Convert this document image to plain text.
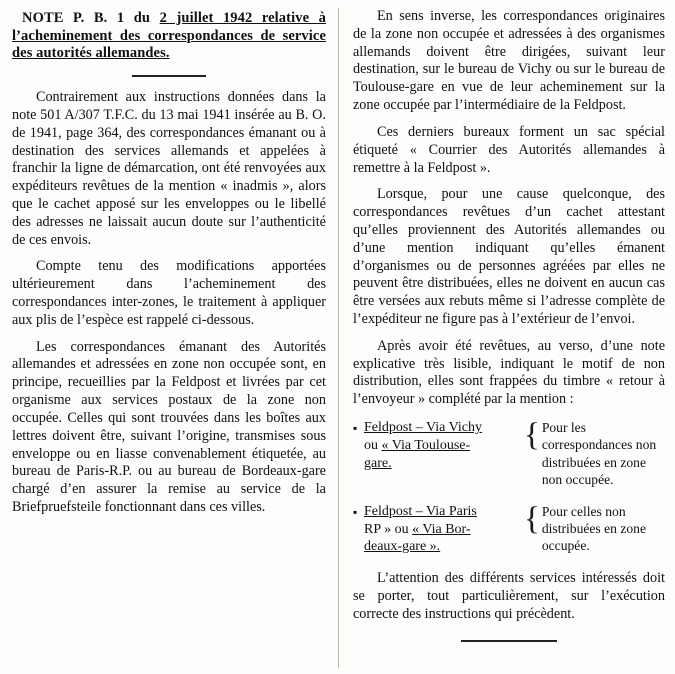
NOTE P. B. 1 du 2 juillet 1942 relative à l’acheminement des correspondances de service des autorités allemandes.

Contrairement aux instructions données dans la note 501 A/307 T.F.C. du 13 mai 1941 insérée au B. O. de 1941, page 364, des correspondances émanant ou à destination des services allemands et appelées à franchir la ligne de démarcation, ont été renvoyées aux expéditeurs revêtues de la mention « inadmis », alors que le cachet apposé sur les enveloppes ou le libellé des adresses ne laissait aucun doute sur l’authenticité de ces envois.

Compte tenu des modifications apportées ultérieurement dans l’acheminement des correspondances inter-zones, le traitement à appliquer aux plis de l’espèce est rappelé ci-dessous.

Les correspondances émanant des Autorités allemandes et adressées en zone non occupée sont, en principe, recueillies par la Feldpost et livrées par cet organisme aux services postaux de la zone non occupée. Celles qui sont trouvées dans les boîtes aux lettres doivent être, suivant l’origine, transmises sous enveloppe ou en liasse convenablement étiquetée, au bureau de Paris-R.P. ou au bureau de Bordeaux-gare chargé d’en assurer la remise au service de la Briefpruefsteile fonctionnant dans ces villes.

En sens inverse, les correspondances originaires de la zone non occupée et adressées à des organismes allemands doivent être dirigées, suivant leur destination, sur le bureau de Vichy ou sur le bureau de Toulouse-gare en vue de leur acheminement sur la zone occupée par l’intermédiaire de la Feldpost.

Ces derniers bureaux forment un sac spécial étiqueté « Courrier des Autorités allemandes à remettre à la Feldpost ».

Lorsque, pour une cause quelconque, des correspondances revêtues d’un cachet attestant qu’elles proviennent des Autorités allemandes ou d’une mention indiquant qu’elles émanent d’organismes ou de personnes agréées par elles ne peuvent être distribuées, elles ne doivent en aucun cas être versées aux rebuts même si l’adresse complète de l’expéditeur ne figure pas à l’extérieur de l’envoi.

Après avoir été revêtues, au verso, d’une note explicative très lisible, indiquant le motif de non distribution, elles sont frappées du timbre « retour à l’envoyeur » complété par la mention :

▪ Feldpost – Via Vichy
ou « Via Toulouse-
gare.
{ Pour les correspondances non distribuées en zone non occupée.
▪ Feldpost – Via Paris
RP » ou « Via Bor-
deaux-gare ».
{ Pour celles non distribuées en zone occupée.

L’attention des différents services intéressés doit se porter, tout particulièrement, sur l’exécution correcte des instructions qui précèdent.
